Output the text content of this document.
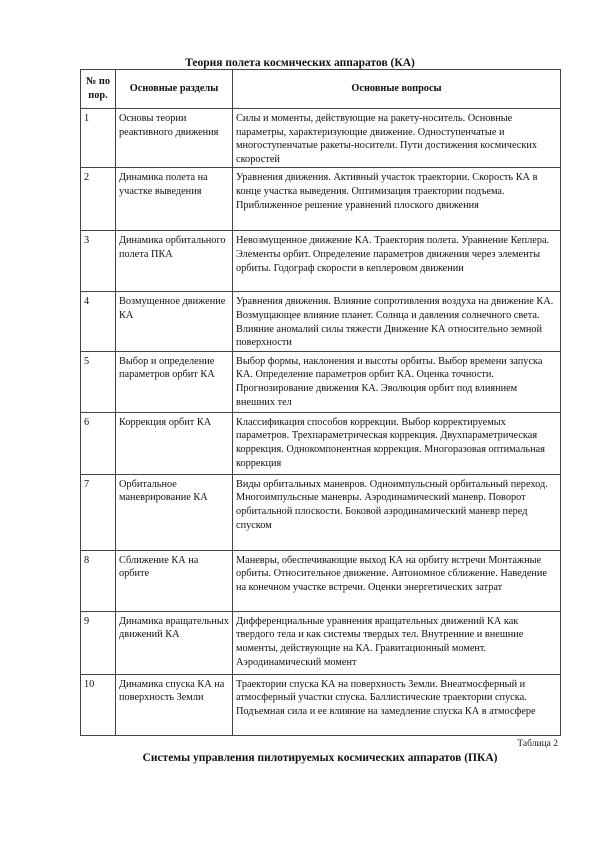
Теория полета космических аппаратов (КА)
№ по пор.	Основные разделы	Основные вопросы
1	Основы теории реактивного движения	Силы и моменты, действующие на ракету-носитель. Основные параметры, характеризующие движение. Одноступенчатые и многоступенчатые ракеты-носители. Пути достижения космических скоростей
2	Динамика полета на участке выведения	Уравнения движения. Активный участок траектории. Скорость КА в конце участка выведения. Оптимизация траектории подъема. Приближенное решение уравнений плоского движения
3	Динамика орбитального полета ПКА	Невозмущенное движение КА. Траектория полета. Уравнение Кеплера. Элементы орбит. Определение параметров движения через элементы орбиты. Годограф скорости в кеплеровом движении
4	Возмущенное движение КА	Уравнения движения. Влияние сопротивления воздуха на движение КА. Возмущающее влияние планет. Солнца и давления солнечного света. Влияние аномалий силы тяжести Движение КА относительно земной поверхности
5	Выбор и определение параметров орбит КА	Выбор формы, наклонения и высоты орбиты. Выбор времени запуска КА. Определение параметров орбит КА. Оценка точности. Прогнозирование движения КА. Эволюция орбит под влиянием внешних тел
6	Коррекция орбит КА	Классификация способов коррекции. Выбор корректируемых параметров. Трехпараметрическая коррекция. Двухпараметрическая коррекция. Однокомпонентная коррекция. Многоразовая оптимальная коррекция
7	Орбитальное маневрирование КА	Виды орбитальных маневров. Одноимпульсный орбитальный переход. Многоимпульсные маневры. Аэродинамический маневр. Поворот орбитальной плоскости. Боковой аэродинамический маневр перед спуском
8	Сближение КА на орбите	Маневры, обеспечивающие выход КА на орбиту встречи Монтажные орбиты. Относительное движение. Автономное сближение. Наведение на конечном участке встречи. Оценки энергетических затрат
9	Динамика вращательных движений КА	Дифференциальные уравнения вращательных движений КА как твердого тела и как системы твердых тел. Внутренние и внешние моменты, действующие на КА. Гравитационный момент. Аэродинамический момент
10	Динамика спуска КА на поверхность Земли	Траектории спуска КА на поверхность Земли. Внеатмосферный и атмосферный участки спуска. Баллистические траектории спуска. Подъемная сила и ее влияние на замедление спуска КА в атмосфере
Таблица 2
Системы управления пилотируемых космических аппаратов (ПКА)
